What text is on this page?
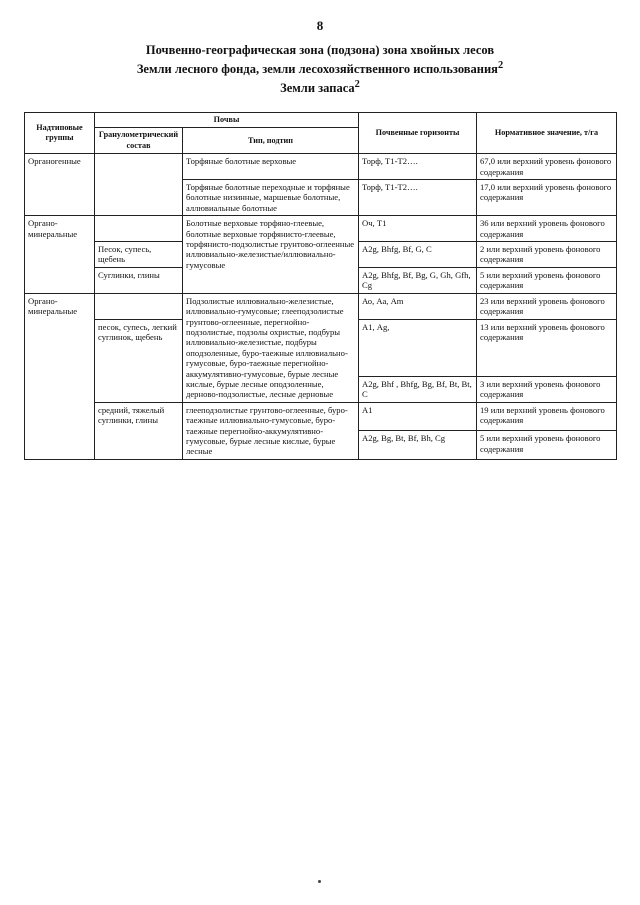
8
Почвенно-географическая зона (подзона) зона хвойных лесов
Земли лесного фонда, земли лесохозяйственного использования$^2$
Земли запаса$^2$
Надтиповые группы	Почвы		Почвенные горизонты	Нормативное значение, т/га
	Гранулометрический состав	Тип, подтип		
Органогенные		Торфяные болотные верховые	Торф, Т1-Т2….	67,0 или верхний уровень фонового содержания
		Торфяные болотные переходные и торфяные болотные низинные, маршевые болотные, аллювиальные болотные	Торф, Т1-Т2….	17,0 или верхний уровень фонового содержания
Органо-минеральные		Болотные верховые торфяно-глеевые, болотные верховые торфянисто-глеевые, торфянисто-подзолистые грунтово-оглеенные иллювиально-железистые/иллювиально-гумусовые	Оч, Т1	36 или верхний уровень фонового содержания
	Песок, супесь, щебень		A2g, Bhfg, Bf, G, C	2 или верхний уровень фонового содержания
	Суглинки, глины		A2g, Bhfg, Bf, Bg, G, Gh, Gfh, Cg	5 или верхний уровень фонового содержания
Органо-минеральные		Подзолистые иллювиально-железистые, иллювиально-гумусовые; глееподзолистые грунтово-оглеенные, перегнойно-подзолистые, подзолы охристые, подбуры иллювиально-железистые, подбуры оподзоленные, буро-таежные иллювиально-гумусовые, буро-таежные перегнойно-аккумулятивно-гумусовые, бурые лесные кислые, бурые лесные оподзоленные, дерново-подзолистые, лесные дерновые	Ао, Аа, Аm	23 или верхний уровень фонового содержания
	песок, супесь, легкий суглинок, щебень		А1, Аg,	13 или верхний уровень фонового содержания
			A2g, Bhf , Bhfg, Bg, Bf, Bt, Bt, C	3 или верхний уровень фонового содержания
	средний, тяжелый суглинки, глины	глееподзолистые грунтово-оглеенные, буро-таежные иллювиально-гумусовые, буро-таежные перегнойно-аккумулятивно-гумусовые, бурые лесные кислые, бурые лесные	А1	19 или верхний уровень фонового содержания
			A2g, Bg, Bt, Bf, Bh, Cg	5 или верхний уровень фонового содержания
